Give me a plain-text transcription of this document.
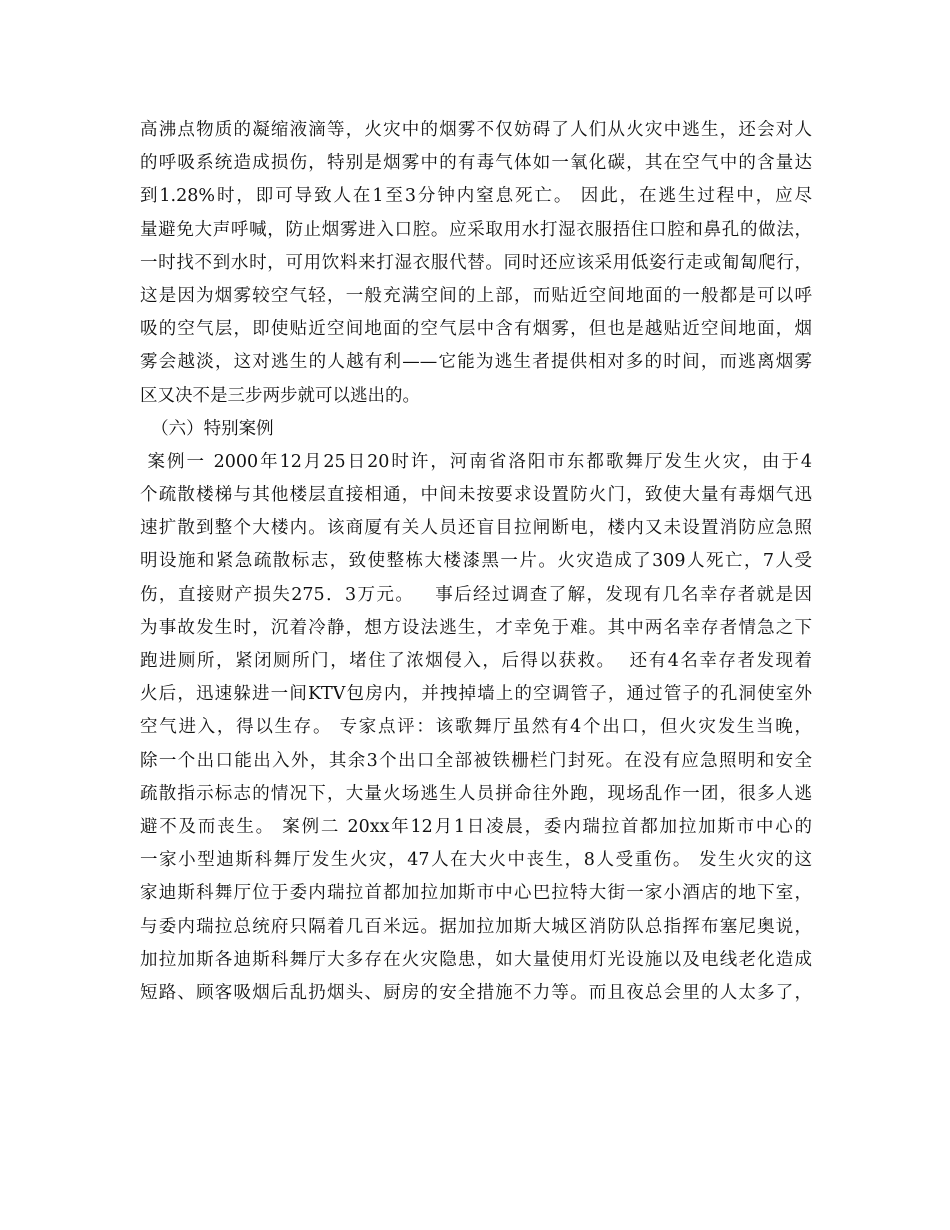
高沸点物质的凝缩液滴等，火灾中的烟雾不仅妨碍了人们从火灾中逃生，还会对人
的呼吸系统造成损伤，特别是烟雾中的有毒气体如一氧化碳，其在空气中的含量达
到1.28%时，即可导致人在1至3分钟内窒息死亡。 因此，在逃生过程中，应尽
量避免大声呼喊，防止烟雾进入口腔。应采取用水打湿衣服捂住口腔和鼻孔的做法，
一时找不到水时，可用饮料来打湿衣服代替。同时还应该采用低姿行走或匍匐爬行，
这是因为烟雾较空气轻，一般充满空间的上部，而贴近空间地面的一般都是可以呼
吸的空气层，即使贴近空间地面的空气层中含有烟雾，但也是越贴近空间地面，烟
雾会越淡，这对逃生的人越有利——它能为逃生者提供相对多的时间，而逃离烟雾
区又决不是三步两步就可以逃出的。
（六）特别案例
案例一 2000年12月25日20时许，河南省洛阳市东都歌舞厅发生火灾，由于4
个疏散楼梯与其他楼层直接相通，中间未按要求设置防火门，致使大量有毒烟气迅
速扩散到整个大楼内。该商厦有关人员还盲目拉闸断电，楼内又未设置消防应急照
明设施和紧急疏散标志，致使整栋大楼漆黑一片。火灾造成了309人死亡，7人受
伤，直接财产损失275．3万元。   事后经过调查了解，发现有几名幸存者就是因
为事故发生时，沉着冷静，想方设法逃生，才幸免于难。其中两名幸存者情急之下
跑进厕所，紧闭厕所门，堵住了浓烟侵入，后得以获救。  还有4名幸存者发现着
火后，迅速躲进一间KTV包房内，并拽掉墙上的空调管子，通过管子的孔洞使室外
空气进入，得以生存。 专家点评：该歌舞厅虽然有4个出口，但火灾发生当晚，
除一个出口能出入外，其余3个出口全部被铁栅栏门封死。在没有应急照明和安全
疏散指示标志的情况下，大量火场逃生人员拼命往外跑，现场乱作一团，很多人逃
避不及而丧生。 案例二 20xx年12月1日凌晨，委内瑞拉首都加拉加斯市中心的
一家小型迪斯科舞厅发生火灾，47人在大火中丧生，8人受重伤。 发生火灾的这
家迪斯科舞厅位于委内瑞拉首都加拉加斯市中心巴拉特大街一家小酒店的地下室，
与委内瑞拉总统府只隔着几百米远。据加拉加斯大城区消防队总指挥布塞尼奥说，
加拉加斯各迪斯科舞厅大多存在火灾隐患，如大量使用灯光设施以及电线老化造成
短路、顾客吸烟后乱扔烟头、厨房的安全措施不力等。而且夜总会里的人太多了，
